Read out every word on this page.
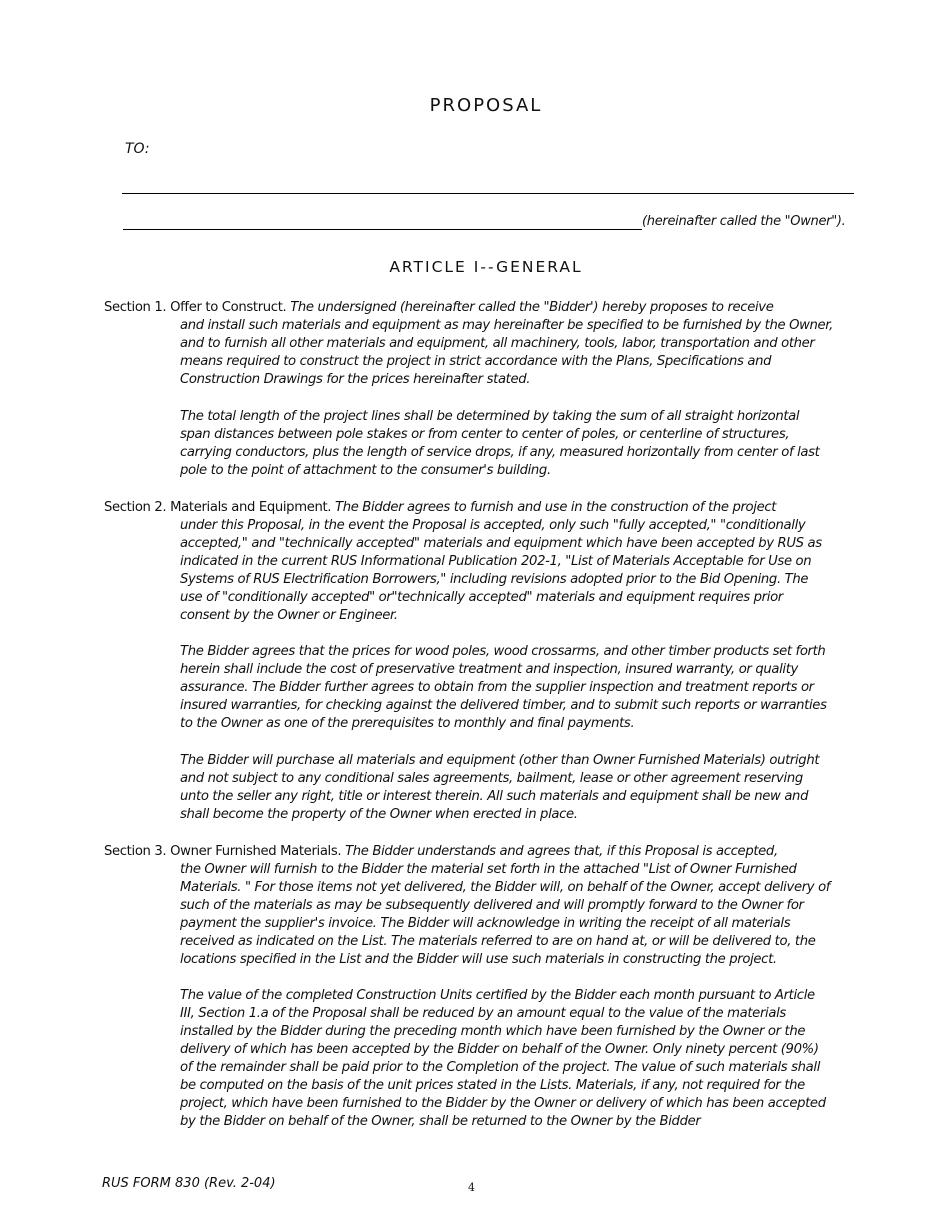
PROPOSAL
TO:
(hereinafter called the "Owner").
ARTICLE I--GENERAL
Section 1. Offer to Construct. The undersigned (hereinafter called the "Bidder') hereby proposes to receive
and install such materials and equipment as may hereinafter be specified to be furnished by the Owner, and to furnish all other materials and equipment, all machinery, tools, labor, transportation and other means required to construct the project in strict accordance with the Plans, Specifications and Construction Drawings for the prices hereinafter stated.
The total length of the project lines shall be determined by taking the sum of all straight horizontal span distances between pole stakes or from center to center of poles, or centerline of structures, carrying conductors, plus the length of service drops, if any, measured horizontally from center of last pole to the point of attachment to the consumer's building.
Section 2. Materials and Equipment. The Bidder agrees to furnish and use in the construction of the project
under this Proposal, in the event the Proposal is accepted, only such "fully accepted," "conditionally accepted," and "technically accepted" materials and equipment which have been accepted by RUS as indicated in the current RUS Informational Publication 202-1, "List of Materials Acceptable for Use on Systems of RUS Electrification Borrowers," including revisions adopted prior to the Bid Opening. The use of "conditionally accepted" or"technically accepted" materials and equipment requires prior consent by the Owner or Engineer.
The Bidder agrees that the prices for wood poles, wood crossarms, and other timber products set forth herein shall include the cost of preservative treatment and inspection, insured warranty, or quality assurance. The Bidder further agrees to obtain from the supplier inspection and treatment reports or insured warranties, for checking against the delivered timber, and to submit such reports or warranties to the Owner as one of the prerequisites to monthly and final payments.
The Bidder will purchase all materials and equipment (other than Owner Furnished Materials) outright and not subject to any conditional sales agreements, bailment, lease or other agreement reserving unto the seller any right, title or interest therein. All such materials and equipment shall be new and shall become the property of the Owner when erected in place.
Section 3. Owner Furnished Materials. The Bidder understands and agrees that, if this Proposal is accepted,
the Owner will furnish to the Bidder the material set forth in the attached "List of Owner Furnished Materials. " For those items not yet delivered, the Bidder will, on behalf of the Owner, accept delivery of such of the materials as may be subsequently delivered and will promptly forward to the Owner for payment the supplier's invoice. The Bidder will acknowledge in writing the receipt of all materials received as indicated on the List. The materials referred to are on hand at, or will be delivered to, the locations specified in the List and the Bidder will use such materials in constructing the project.
The value of the completed Construction Units certified by the Bidder each month pursuant to Article III, Section 1.a of the Proposal shall be reduced by an amount equal to the value of the materials installed by the Bidder during the preceding month which have been furnished by the Owner or the delivery of which has been accepted by the Bidder on behalf of the Owner. Only ninety percent (90%) of the remainder shall be paid prior to the Completion of the project. The value of such materials shall be computed on the basis of the unit prices stated in the Lists. Materials, if any, not required for the project, which have been furnished to the Bidder by the Owner or delivery of which has been accepted by the Bidder on behalf of the Owner, shall be returned to the Owner by the Bidder
RUS FORM 830 (Rev. 2-04)	4
